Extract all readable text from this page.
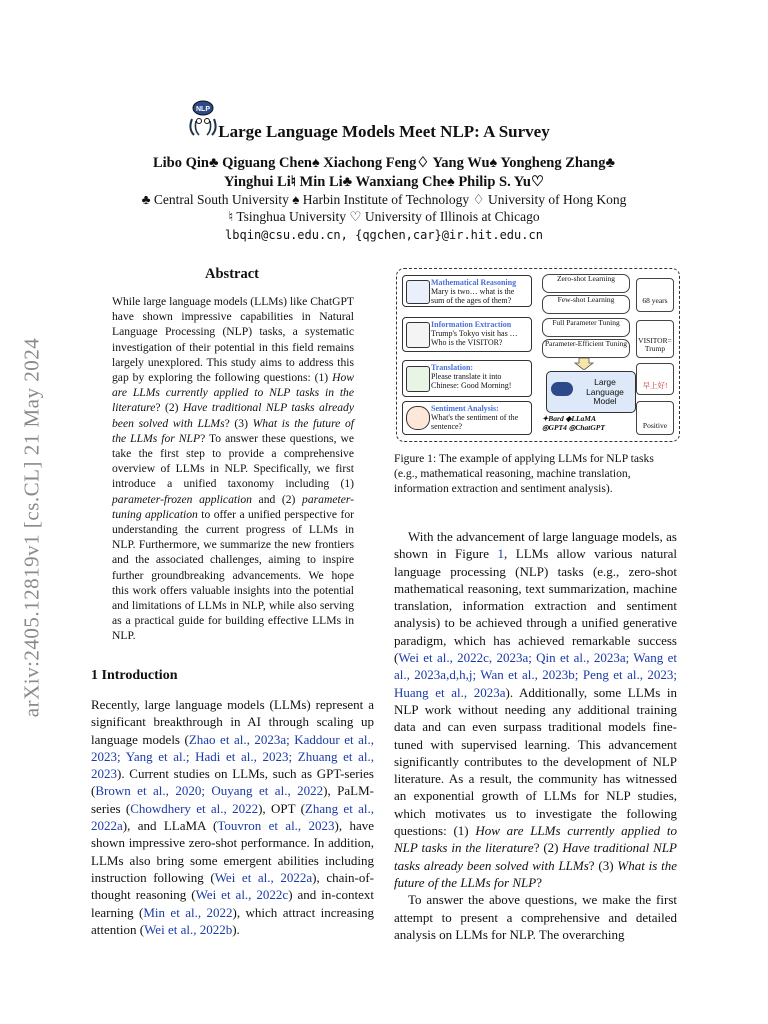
arXiv:2405.12819v1 [cs.CL] 21 May 2024
NLP
Large Language Models Meet NLP: A Survey
Libo Qin♣ Qiguang Chen♠ Xiachong Feng♢ Yang Wu♠ Yongheng Zhang♣
Yinghui Li♮ Min Li♣ Wanxiang Che♠ Philip S. Yu♡
♣ Central South University ♠ Harbin Institute of Technology ♢ University of Hong Kong
♮ Tsinghua University ♡ University of Illinois at Chicago
lbqin@csu.edu.cn, {qgchen,car}@ir.hit.edu.cn
Abstract
While large language models (LLMs) like ChatGPT have shown impressive capabilities in Natural Language Processing (NLP) tasks, a systematic investigation of their potential in this field remains largely unexplored. This study aims to address this gap by exploring the following questions: (1) How are LLMs currently applied to NLP tasks in the literature? (2) Have traditional NLP tasks already been solved with LLMs? (3) What is the future of the LLMs for NLP? To answer these questions, we take the first step to provide a comprehensive overview of LLMs in NLP. Specifically, we first introduce a unified taxonomy including (1) parameter-frozen application and (2) parameter-tuning application to offer a unified perspective for understanding the current progress of LLMs in NLP. Furthermore, we summarize the new frontiers and the associated challenges, aiming to inspire further groundbreaking advancements. We hope this work offers valuable insights into the potential and limitations of LLMs in NLP, while also serving as a practical guide for building effective LLMs in NLP.
1 Introduction
Recently, large language models (LLMs) represent a significant breakthrough in AI through scaling up language models (Zhao et al., 2023a; Kaddour et al., 2023; Yang et al.; Hadi et al., 2023; Zhuang et al., 2023). Current studies on LLMs, such as GPT-series (Brown et al., 2020; Ouyang et al., 2022), PaLM-series (Chowdhery et al., 2022), OPT (Zhang et al., 2022a), and LLaMA (Touvron et al., 2023), have shown impressive zero-shot performance. In addition, LLMs also bring some emergent abilities including instruction following (Wei et al., 2022a), chain-of-thought reasoning (Wei et al., 2022c) and in-context learning (Min et al., 2022), which attract increasing attention (Wei et al., 2022b).
Mathematical Reasoning
Mary is two… what is the sum of the ages of them?
Information Extraction
Trump's Tokyo visit has … Who is the VISITOR?
Translation:
Please translate it into Chinese: Good Morning!
Sentiment Analysis:
What's the sentiment of the sentence?
Zero-shot Learning
Few-shot Learning
Full Parameter Tuning
Parameter-Efficient Tuning
Large Language Model
✦Bard ◆LLaMA
◎GPT4 ◎ChatGPT
68 years
VISITOR= Trump
早上好!
Positive
Figure 1: The example of applying LLMs for NLP tasks (e.g., mathematical reasoning, machine translation, information extraction and sentiment analysis).
With the advancement of large language models, as shown in Figure 1, LLMs allow various natural language processing (NLP) tasks (e.g., zero-shot mathematical reasoning, text summarization, machine translation, information extraction and sentiment analysis) to be achieved through a unified generative paradigm, which has achieved remarkable success (Wei et al., 2022c, 2023a; Qin et al., 2023a; Wang et al., 2023a,d,h,j; Wan et al., 2023b; Peng et al., 2023; Huang et al., 2023a). Additionally, some LLMs in NLP work without needing any additional training data and can even surpass traditional models fine-tuned with supervised learning. This advancement significantly contributes to the development of NLP literature. As a result, the community has witnessed an exponential growth of LLMs for NLP studies, which motivates us to investigate the following questions: (1) How are LLMs currently applied to NLP tasks in the literature? (2) Have traditional NLP tasks already been solved with LLMs? (3) What is the future of the LLMs for NLP?
To answer the above questions, we make the first attempt to present a comprehensive and detailed analysis on LLMs for NLP. The overarching
